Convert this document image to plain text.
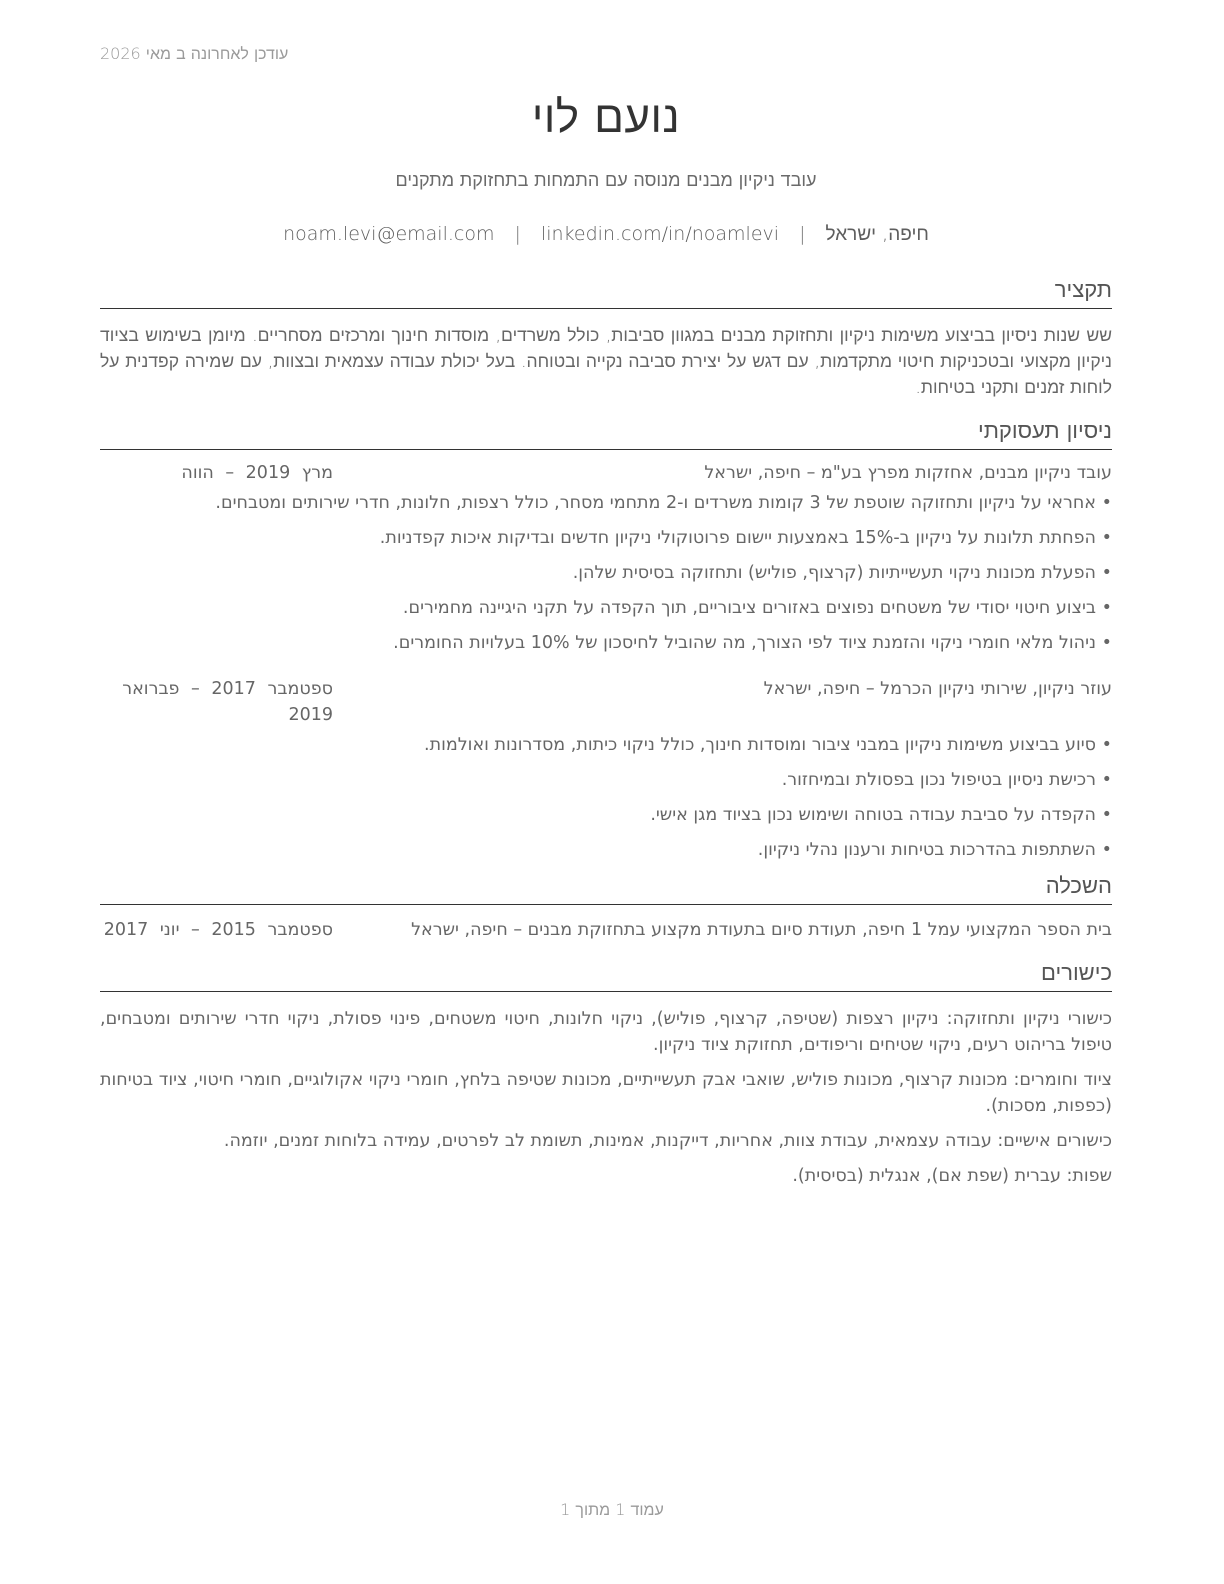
עודכן לאחרונה ב מאי 2026
נועם לוי
עובד ניקיון מבנים מנוסה עם התמחות בתחזוקת מתקנים
חיפה, ישראל | noam.levi@email.com | linkedin.com/in/noamlevi
תקציר

שש שנות ניסיון בביצוע משימות ניקיון ותחזוקת מבנים במגוון סביבות, כולל משרדים, מוסדות חינוך ומרכזים מסחריים. מיומן בשימוש בציוד ניקיון מקצועי ובטכניקות חיטוי מתקדמות, עם דגש על יצירת סביבה נקייה ובטוחה. בעל יכולת עבודה עצמאית ובצוות, עם שמירה קפדנית על לוחות זמנים ותקני בטיחות.

ניסיון תעסוקתי
עובד ניקיון מבנים, אחזקות מפרץ בע"מ – חיפה, ישראל
מרץ 2019 – הווה
• אחראי על ניקיון ותחזוקה שוטפת של 3 קומות משרדים ו-2 מתחמי מסחר, כולל רצפות, חלונות, חדרי שירותים ומטבחים.
• הפחתת תלונות על ניקיון ב-15% באמצעות יישום פרוטוקולי ניקיון חדשים ובדיקות איכות קפדניות.
• הפעלת מכונות ניקוי תעשייתיות (קרצוף, פוליש) ותחזוקה בסיסית שלהן.
• ביצוע חיטוי יסודי של משטחים נפוצים באזורים ציבוריים, תוך הקפדה על תקני היגיינה מחמירים.
• ניהול מלאי חומרי ניקוי והזמנת ציוד לפי הצורך, מה שהוביל לחיסכון של 10% בעלויות החומרים.
עוזר ניקיון, שירותי ניקיון הכרמל – חיפה, ישראל
ספטמבר 2017 – פברואר 2019
• סיוע בביצוע משימות ניקיון במבני ציבור ומוסדות חינוך, כולל ניקוי כיתות, מסדרונות ואולמות.
• רכישת ניסיון בטיפול נכון בפסולת ובמיחזור.
• הקפדה על סביבת עבודה בטוחה ושימוש נכון בציוד מגן אישי.
• השתתפות בהדרכות בטיחות ורענון נהלי ניקיון.
השכלה
בית הספר המקצועי עמל 1 חיפה, תעודת סיום בתעודת מקצוע בתחזוקת מבנים – חיפה, ישראל
ספטמבר 2015 – יוני 2017
כישורים

כישורי ניקיון ותחזוקה: ניקיון רצפות (שטיפה, קרצוף, פוליש), ניקוי חלונות, חיטוי משטחים, פינוי פסולת, ניקוי חדרי שירותים ומטבחים, טיפול בריהוט רעים, ניקוי שטיחים וריפודים, תחזוקת ציוד ניקיון.

ציוד וחומרים: מכונות קרצוף, מכונות פוליש, שואבי אבק תעשייתיים, מכונות שטיפה בלחץ, חומרי ניקוי אקולוגיים, חומרי חיטוי, ציוד בטיחות (כפפות, מסכות).

כישורים אישיים: עבודה עצמאית, עבודת צוות, אחריות, דייקנות, אמינות, תשומת לב לפרטים, עמידה בלוחות זמנים, יוזמה.

שפות: עברית (שפת אם), אנגלית (בסיסית).

עמוד 1 מתוך 1
